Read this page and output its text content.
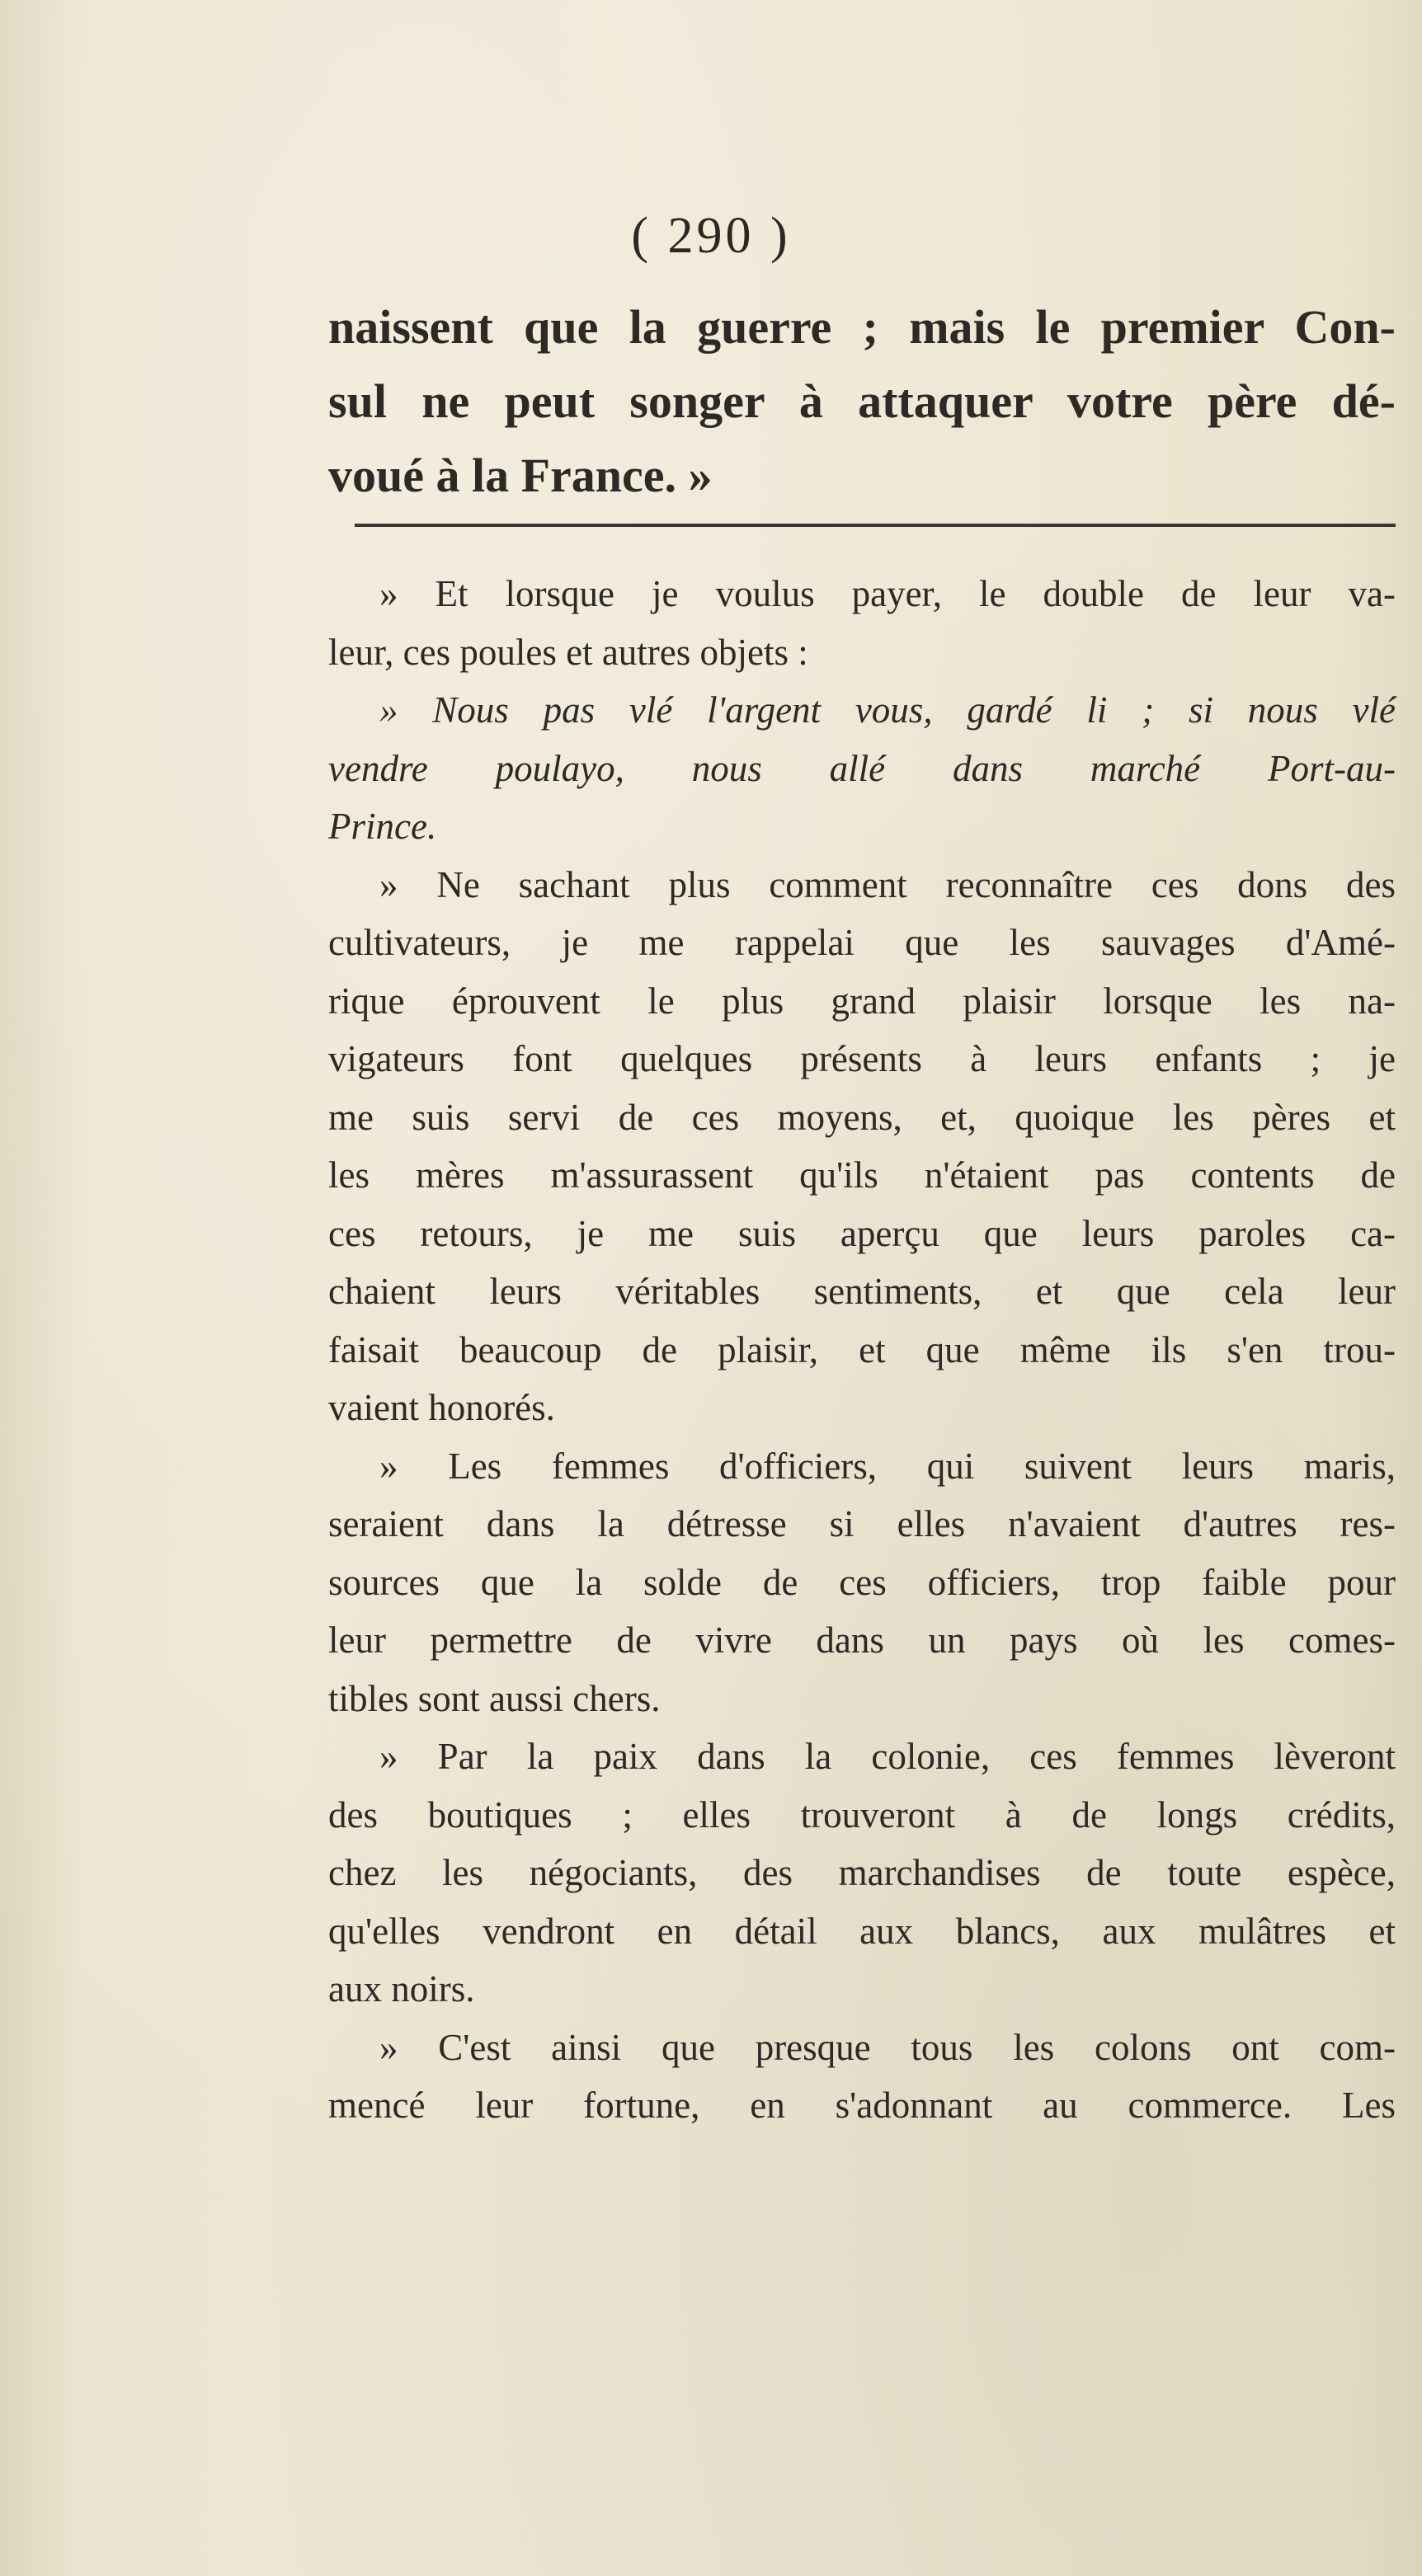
( 290 )
naissent que la guerre ; mais le premier Con-
sul ne peut songer à attaquer votre père dé-
voué à la France. »
» Et lorsque je voulus payer, le double de leur va-
leur, ces poules et autres objets :
» Nous pas vlé l'argent vous, gardé li ; si nous vlé
vendre poulayo, nous allé dans marché Port-au-
Prince.
» Ne sachant plus comment reconnaître ces dons des
cultivateurs, je me rappelai que les sauvages d'Amé-
rique éprouvent le plus grand plaisir lorsque les na-
vigateurs font quelques présents à leurs enfants ; je
me suis servi de ces moyens, et, quoique les pères et
les mères m'assurassent qu'ils n'étaient pas contents de
ces retours, je me suis aperçu que leurs paroles ca-
chaient leurs véritables sentiments, et que cela leur
faisait beaucoup de plaisir, et que même ils s'en trou-
vaient honorés.
» Les femmes d'officiers, qui suivent leurs maris,
seraient dans la détresse si elles n'avaient d'autres res-
sources que la solde de ces officiers, trop faible pour
leur permettre de vivre dans un pays où les comes-
tibles sont aussi chers.
» Par la paix dans la colonie, ces femmes lèveront
des boutiques ; elles trouveront à de longs crédits,
chez les négociants, des marchandises de toute espèce,
qu'elles vendront en détail aux blancs, aux mulâtres et
aux noirs.
» C'est ainsi que presque tous les colons ont com-
mencé leur fortune, en s'adonnant au commerce. Les
